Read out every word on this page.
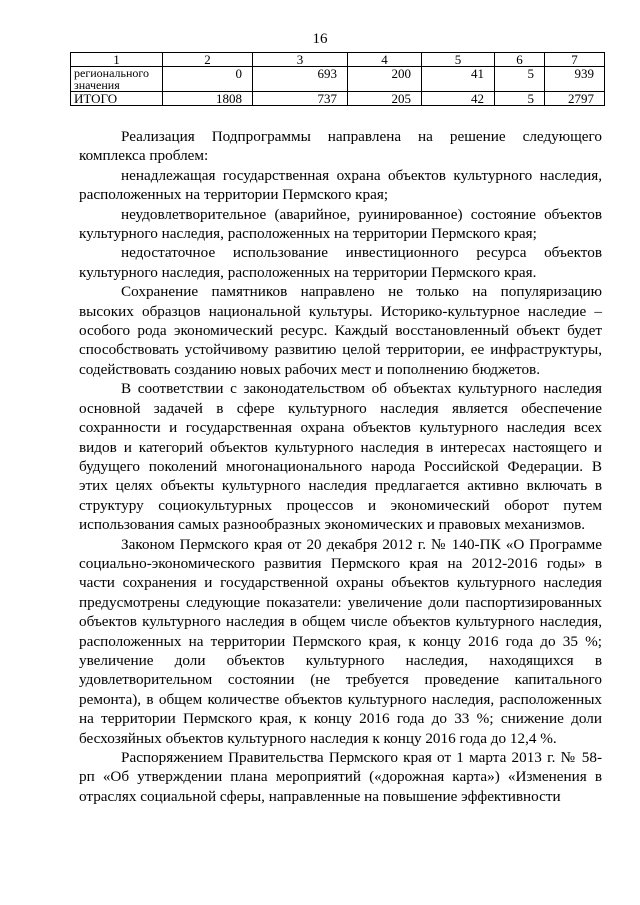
16
1	2	3	4	5	6	7
регионального значения	0	693	200	41	5	939
ИТОГО	1808	737	205	42	5	2797

Реализация Подпрограммы направлена на решение следующего комплекса проблем:

ненадлежащая государственная охрана объектов культурного наследия, расположенных на территории Пермского края;

неудовлетворительное (аварийное, руинированное) состояние объектов культурного наследия, расположенных на территории Пермского края;

недостаточное использование инвестиционного ресурса объектов культурного наследия, расположенных на территории Пермского края.

Сохранение памятников направлено не только на популяризацию высоких образцов национальной культуры. Историко-культурное наследие – особого рода экономический ресурс. Каждый восстановленный объект будет способствовать устойчивому развитию целой территории, ее инфраструктуры, содействовать созданию новых рабочих мест и пополнению бюджетов.

В соответствии с законодательством об объектах культурного наследия основной задачей в сфере культурного наследия является обеспечение сохранности и государственная охрана объектов культурного наследия всех видов и категорий объектов культурного наследия в интересах настоящего и будущего поколений многонационального народа Российской Федерации. В этих целях объекты культурного наследия предлагается активно включать в структуру социокультурных процессов и экономический оборот путем использования самых разнообразных экономических и правовых механизмов.

Законом Пермского края от 20 декабря 2012 г. № 140-ПК «О Программе социально-экономического развития Пермского края на 2012-2016 годы» в части сохранения и государственной охраны объектов культурного наследия предусмотрены следующие показатели: увеличение доли паспортизированных объектов культурного наследия в общем числе объектов культурного наследия, расположенных на территории Пермского края, к концу 2016 года до 35 %; увеличение доли объектов культурного наследия, находящихся в удовлетворительном состоянии (не требуется проведение капитального ремонта), в общем количестве объектов культурного наследия, расположенных на территории Пермского края, к концу 2016 года до 33 %; снижение доли бесхозяйных объектов культурного наследия к концу 2016 года до 12,4 %.

Распоряжением Правительства Пермского края от 1 марта 2013 г. № 58-рп «Об утверждении плана мероприятий («дорожная карта») «Изменения в отраслях социальной сферы, направленные на повышение эффективности
